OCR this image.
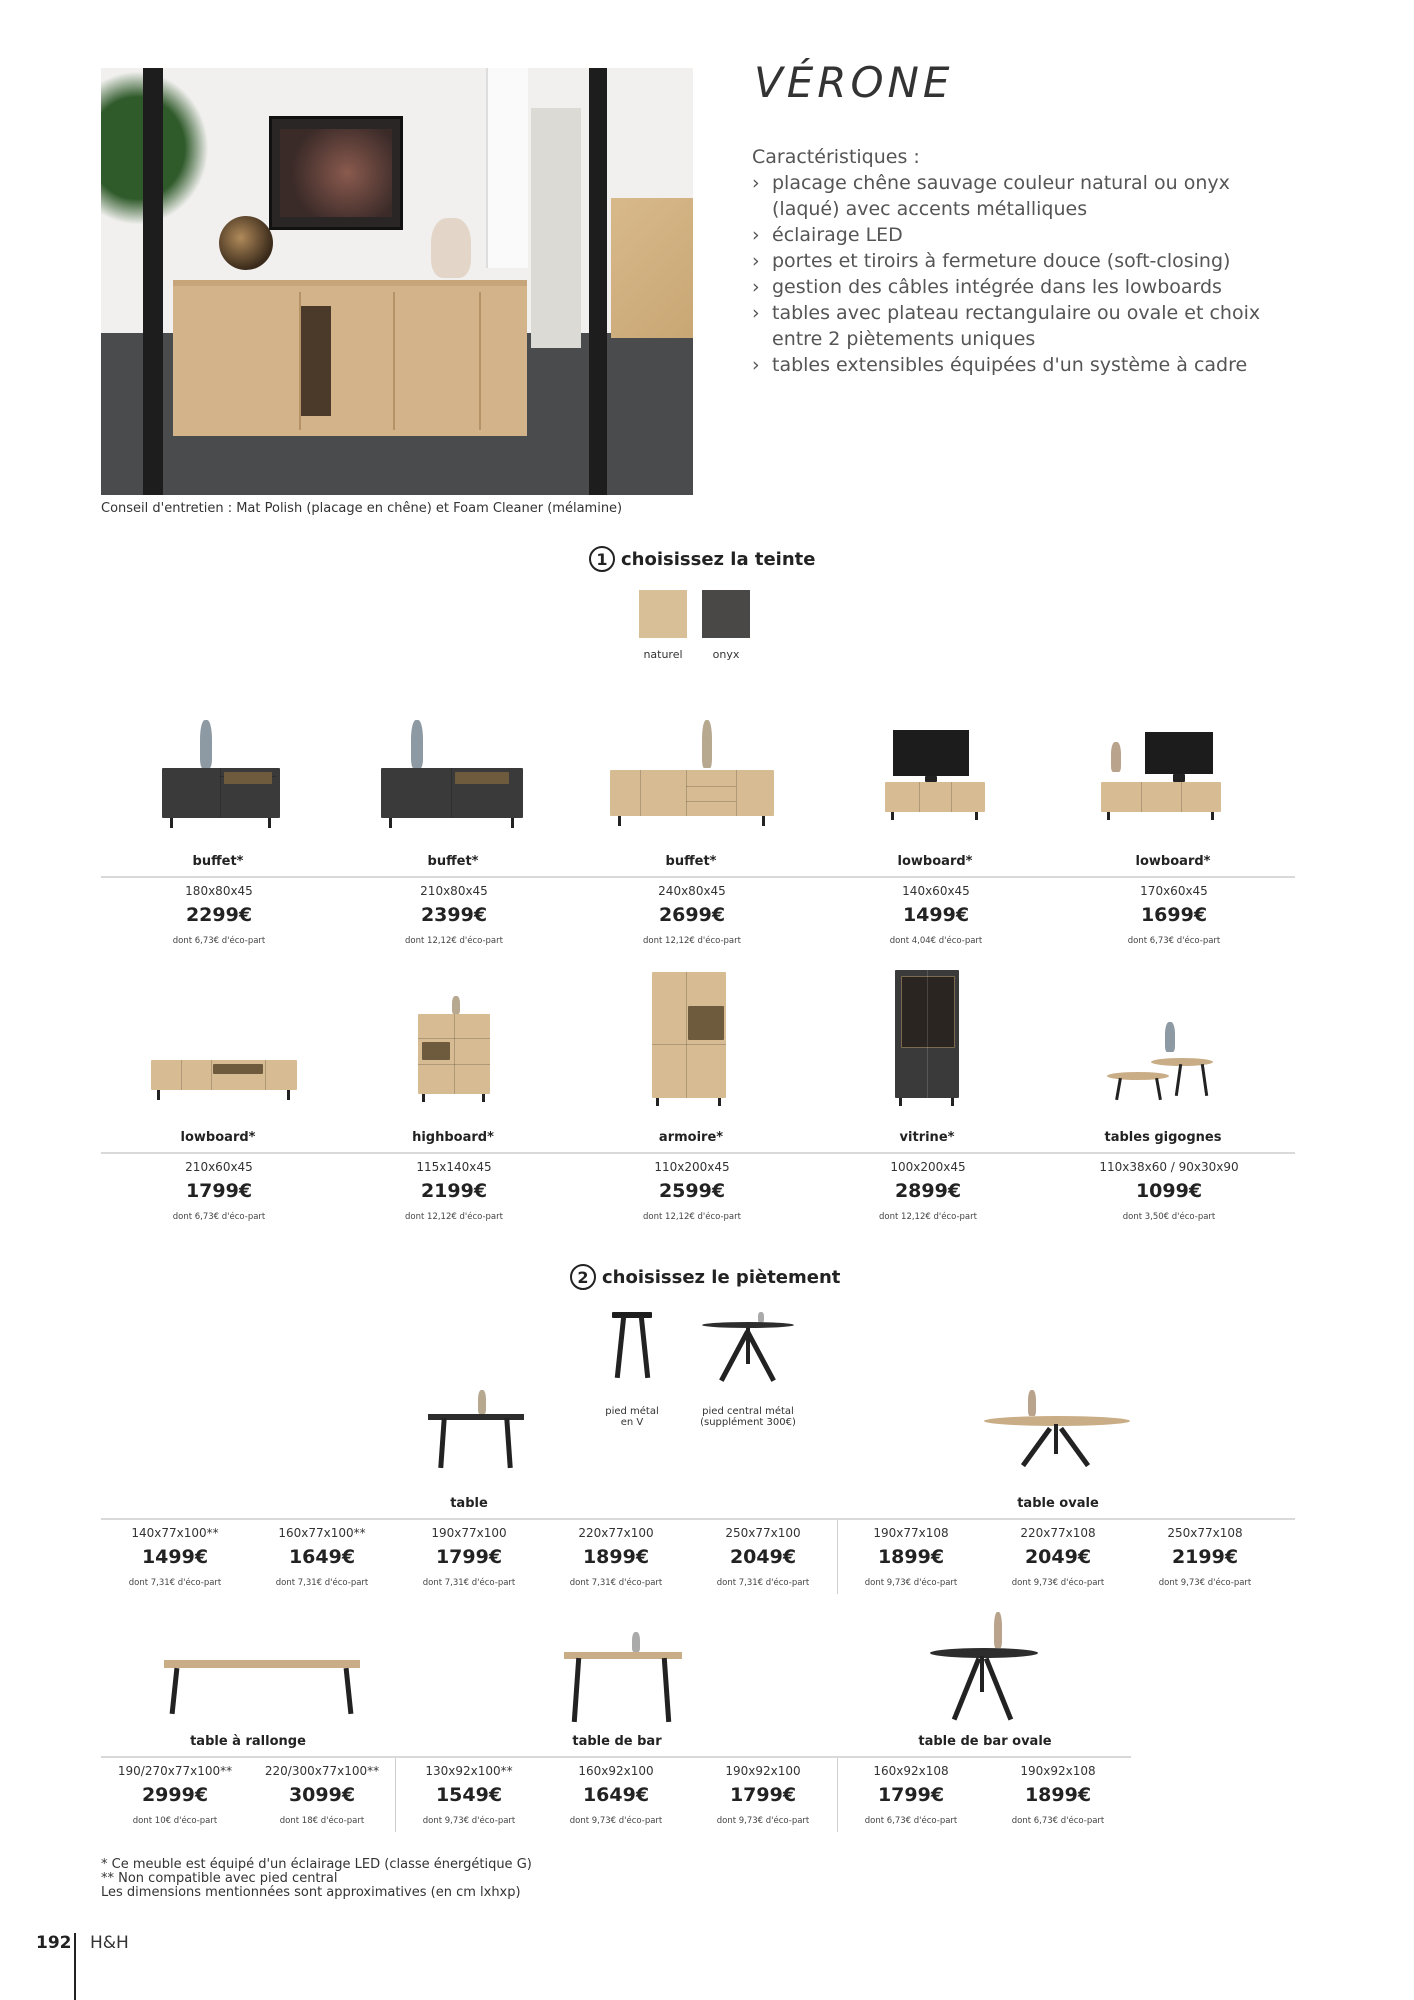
VÉRONE
Caractéristiques :
› placage chêne sauvage couleur natural ou onyx (laqué) avec accents métalliques
› éclairage LED
› portes et tiroirs à fermeture douce (soft-closing)
› gestion des câbles intégrée dans les lowboards
› tables avec plateau rectangulaire ou ovale et choix entre 2 piètements uniques
› tables extensibles équipées d'un système à cadre
Conseil d'entretien : Mat Polish (placage en chêne) et Foam Cleaner (mélamine)
1 choisissez la teinte
naturel	onyx
buffet*	buffet*	buffet*	lowboard*	lowboard*
180x80x45	210x80x45	240x80x45	140x60x45	170x60x45
2299€	2399€	2699€	1499€	1699€
dont 6,73€ d'éco-part	dont 12,12€ d'éco-part	dont 12,12€ d'éco-part	dont 4,04€ d'éco-part	dont 6,73€ d'éco-part
lowboard*	highboard*	armoire*	vitrine*	tables gigognes
210x60x45	115x140x45	110x200x45	100x200x45	110x38x60 / 90x30x90
1799€	2199€	2599€	2899€	1099€
dont 6,73€ d'éco-part	dont 12,12€ d'éco-part	dont 12,12€ d'éco-part	dont 12,12€ d'éco-part	dont 3,50€ d'éco-part
2 choisissez le piètement
pied métal
en V
pied central métal
(supplément 300€)
table	table ovale
140x77x100**	160x77x100**	190x77x100	220x77x100	250x77x100	190x77x108	220x77x108	250x77x108
1499€	1649€	1799€	1899€	2049€	1899€	2049€	2199€
dont 7,31€ d'éco-part	dont 7,31€ d'éco-part	dont 7,31€ d'éco-part	dont 7,31€ d'éco-part	dont 7,31€ d'éco-part	dont 9,73€ d'éco-part	dont 9,73€ d'éco-part	dont 9,73€ d'éco-part
table à rallonge	table de bar	table de bar ovale
190/270x77x100**	220/300x77x100**	130x92x100**	160x92x100	190x92x100	160x92x108	190x92x108
2999€	3099€	1549€	1649€	1799€	1799€	1899€
dont 10€ d'éco-part	dont 18€ d'éco-part	dont 9,73€ d'éco-part	dont 9,73€ d'éco-part	dont 9,73€ d'éco-part	dont 6,73€ d'éco-part	dont 6,73€ d'éco-part
* Ce meuble est équipé d'un éclairage LED (classe énergétique G)
** Non compatible avec pied central
Les dimensions mentionnées sont approximatives (en cm lxhxp)
192 H&H
